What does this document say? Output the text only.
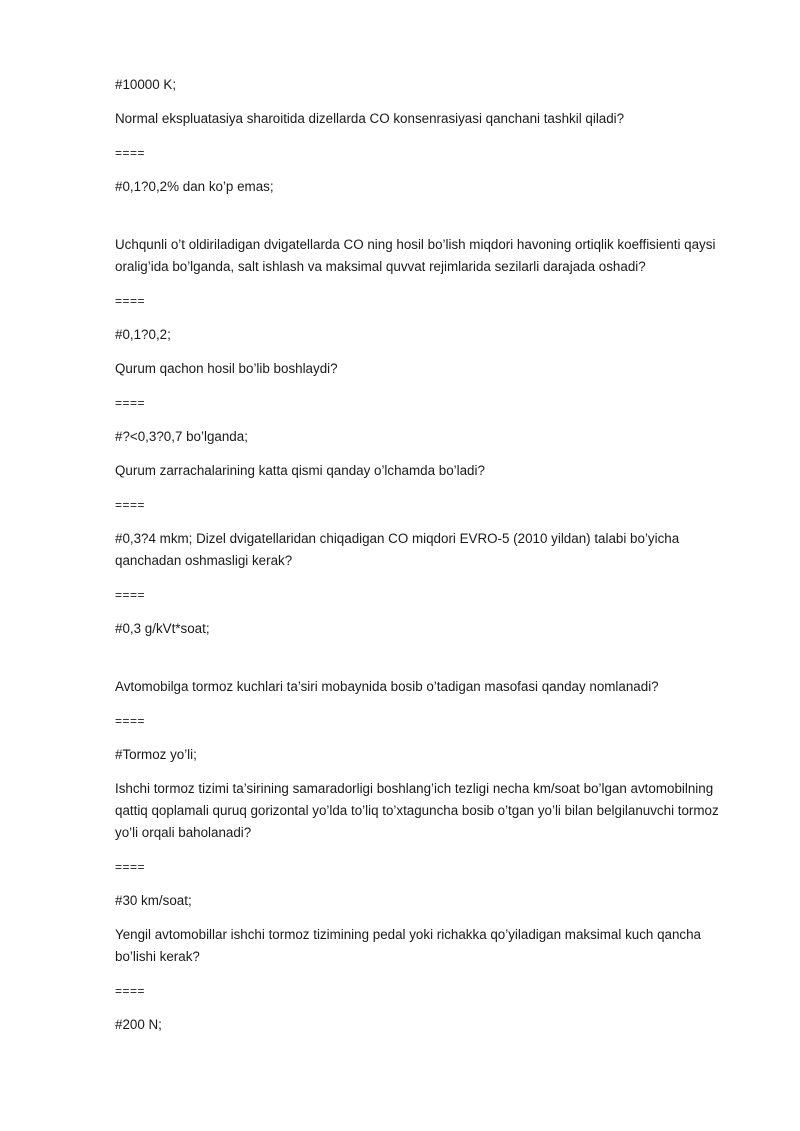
#10000 K;
Normal ekspluatasiya sharoitida dizellarda CO konsenrasiyasi qanchani tashkil qiladi?
====
#0,1?0,2% dan ko’p emas;
Uchqunli o’t oldiriladigan dvigatellarda CO ning hosil bo’lish miqdori havoning ortiqlik koeffisienti qaysi oralig’ida bo’lganda, salt ishlash va maksimal quvvat rejimlarida sezilarli darajada oshadi?
====
#0,1?0,2;
Qurum qachon hosil bo’lib boshlaydi?
====
#?<0,3?0,7 bo’lganda;
Qurum zarrachalarining katta qismi qanday o’lchamda bo’ladi?
====
#0,3?4 mkm; Dizel dvigatellaridan chiqadigan CO miqdori EVRO-5 (2010 yildan) talabi bo’yicha qanchadan oshmasligi kerak?
====
#0,3 g/kVt*soat;
Avtomobilga tormoz kuchlari ta’siri mobaynida bosib o’tadigan masofasi qanday nomlanadi?
====
#Tormoz yo’li;
Ishchi tormoz tizimi ta’sirining samaradorligi boshlang’ich tezligi necha km/soat bo’lgan avtomobilning qattiq qoplamali quruq gorizontal yo’lda to’liq to’xtaguncha bosib o’tgan yo’li bilan belgilanuvchi tormoz yo’li orqali baholanadi?
====
#30 km/soat;
Yengil avtomobillar ishchi tormoz tizimining pedal yoki richakka qo’yiladigan maksimal kuch qancha bo’lishi kerak?
====
#200 N;
